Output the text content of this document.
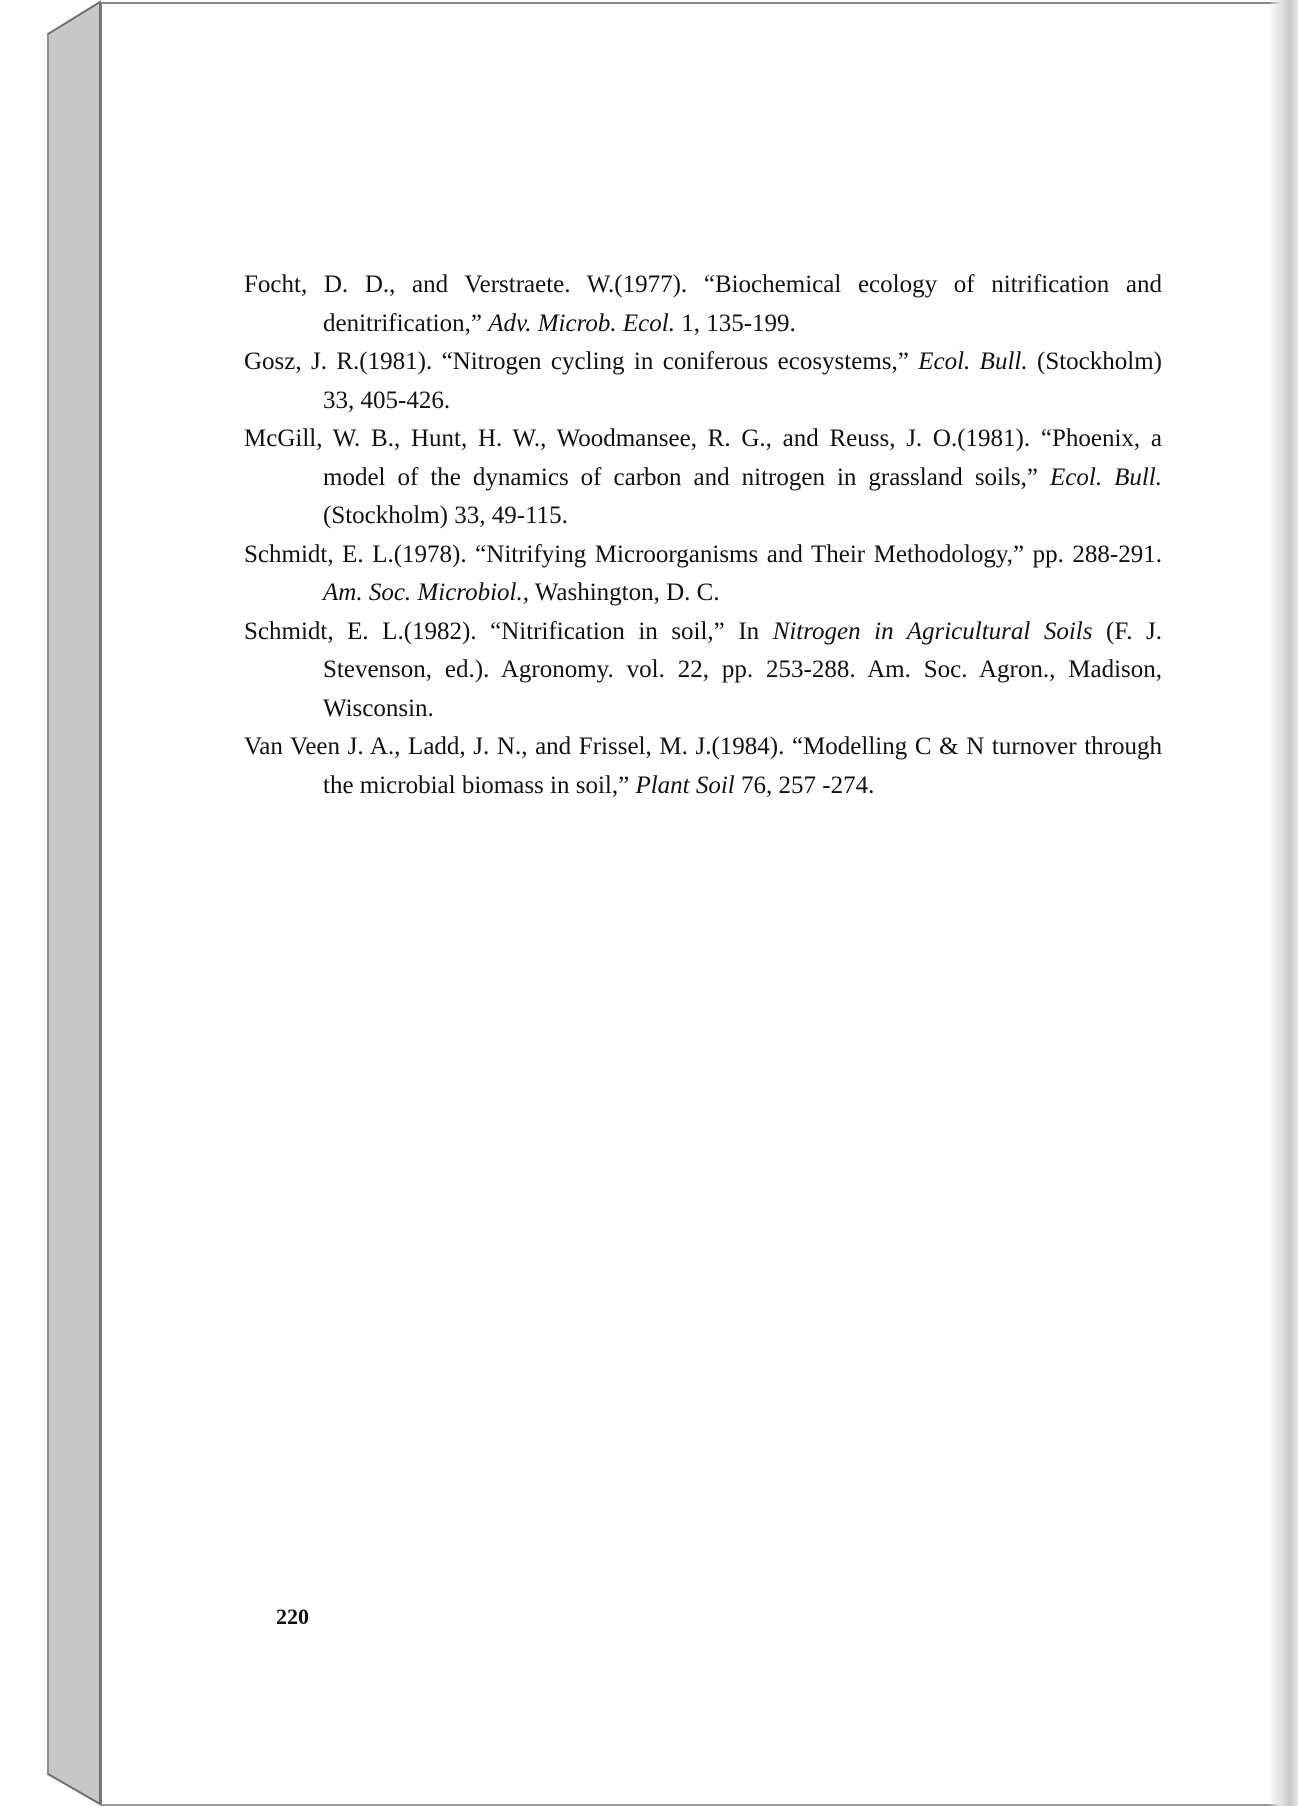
Focht, D. D., and Verstraete. W.(1977). “Biochemical ecology of nitrification and denitrification,” Adv. Microb. Ecol. 1, 135-199.
Gosz, J. R.(1981). “Nitrogen cycling in coniferous ecosystems,” Ecol. Bull. (Stockholm) 33, 405-426.
McGill, W. B., Hunt, H. W., Woodmansee, R. G., and Reuss, J. O.(1981). “Phoenix, a model of the dynamics of carbon and nitrogen in grassland soils,” Ecol. Bull.(Stockholm) 33, 49-115.
Schmidt, E. L.(1978). “Nitrifying Microorganisms and Their Methodology,” pp. 288-291. Am. Soc. Microbiol., Washington, D. C.
Schmidt, E. L.(1982). “Nitrification in soil,” In Nitrogen in Agricultural Soils (F. J. Stevenson, ed.). Agronomy. vol. 22, pp. 253-288. Am. Soc. Agron., Madison, Wisconsin.
Van Veen J. A., Ladd, J. N., and Frissel, M. J.(1984). “Modelling C & N turnover through the microbial biomass in soil,” Plant Soil 76, 257 -274.
220
